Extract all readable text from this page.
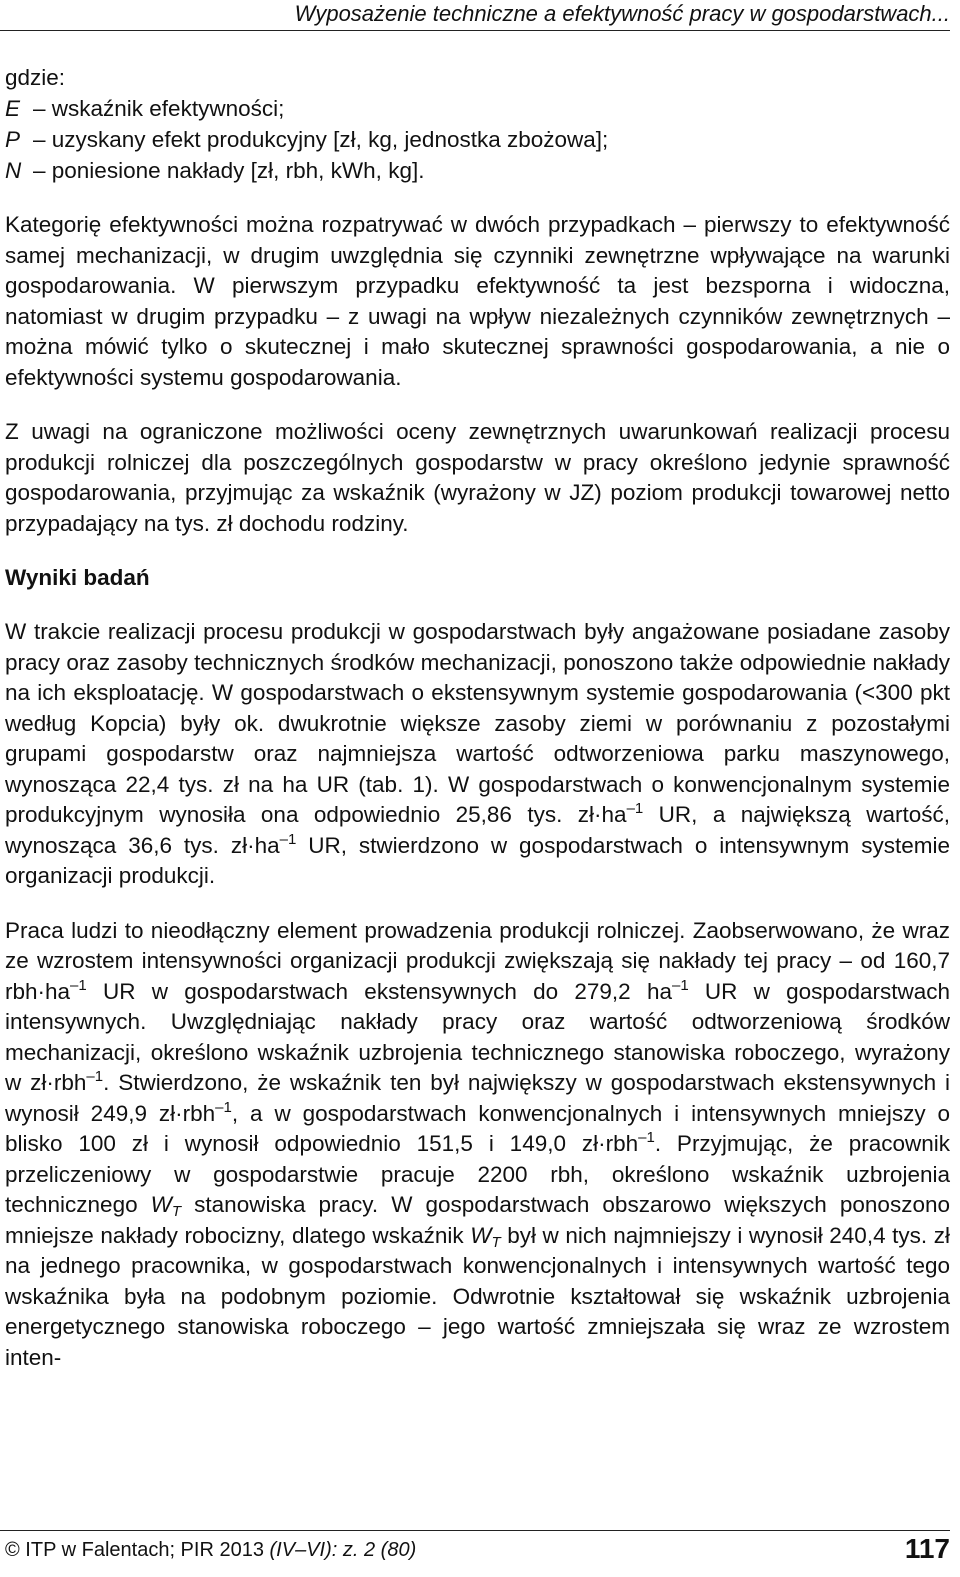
Wyposażenie techniczne a efektywność pracy w gospodarstwach...
gdzie:
E – wskaźnik efektywności;
P – uzyskany efekt produkcyjny [zł, kg, jednostka zbożowa];
N – poniesione nakłady [zł, rbh, kWh, kg].

Kategorię efektywności można rozpatrywać w dwóch przypadkach – pierwszy to efektywność samej mechanizacji, w drugim uwzględnia się czynniki zewnętrzne wpływające na warunki gospodarowania. W pierwszym przypadku efektywność ta jest bezsporna i widoczna, natomiast w drugim przypadku – z uwagi na wpływ niezależnych czynników zewnętrznych – można mówić tylko o skutecznej i mało skutecznej sprawności gospodarowania, a nie o efektywności systemu gospodarowania.

Z uwagi na ograniczone możliwości oceny zewnętrznych uwarunkowań realizacji procesu produkcji rolniczej dla poszczególnych gospodarstw w pracy określono jedynie sprawność gospodarowania, przyjmując za wskaźnik (wyrażony w JZ) poziom produkcji towarowej netto przypadający na tys. zł dochodu rodziny.

Wyniki badań

W trakcie realizacji procesu produkcji w gospodarstwach były angażowane posiadane zasoby pracy oraz zasoby technicznych środków mechanizacji, ponoszono także odpowiednie nakłady na ich eksploatację. W gospodarstwach o ekstensywnym systemie gospodarowania (<300 pkt według Kopcia) były ok. dwukrotnie większe zasoby ziemi w porównaniu z pozostałymi grupami gospodarstw oraz najmniejsza wartość odtworzeniowa parku maszynowego, wynosząca 22,4 tys. zł na ha UR (tab. 1). W gospodarstwach o konwencjonalnym systemie produkcyjnym wynosiła ona odpowiednio 25,86 tys. $zł\cdot ha^{-1}$ UR, a największą wartość, wynosząca 36,6 tys. $zł\cdot ha^{-1}$ UR, stwierdzono w gospodarstwach o intensywnym systemie organizacji produkcji.

Praca ludzi to nieodłączny element prowadzenia produkcji rolniczej. Zaobserwowano, że wraz ze wzrostem intensywności organizacji produkcji zwiększają się nakłady tej pracy – od 160,7 $rbh\cdot ha^{-1}$ UR w gospodarstwach ekstensywnych do 279,2 $ha^{-1}$ UR w gospodarstwach intensywnych. Uwzględniając nakłady pracy oraz wartość odtworzeniową środków mechanizacji, określono wskaźnik uzbrojenia technicznego stanowiska roboczego, wyrażony w zł·rbh$^{-1}$. Stwierdzono, że wskaźnik ten był największy w gospodarstwach ekstensywnych i wynosił 249,9 zł·rbh$^{-1}$, a w gospodarstwach konwencjonalnych i intensywnych mniejszy o blisko 100 zł i wynosił odpowiednio 151,5 i 149,0 zł·rbh$^{-1}$. Przyjmując, że pracownik przeliczeniowy w gospodarstwie pracuje 2200 rbh, określono wskaźnik uzbrojenia technicznego $W_T$ stanowiska pracy. W gospodarstwach obszarowo większych ponoszono mniejsze nakłady robocizny, dlatego wskaźnik $W_T$ był w nich najmniejszy i wynosił 240,4 tys. zł na jednego pracownika, w gospodarstwach konwencjonalnych i intensywnych wartość tego wskaźnika była na podobnym poziomie. Odwrotnie kształtował się wskaźnik uzbrojenia energetycznego stanowiska roboczego – jego wartość zmniejszała się wraz ze wzrostem inten-

© ITP w Falentach; PIR 2013 (IV–VI): z. 2 (80)	117
